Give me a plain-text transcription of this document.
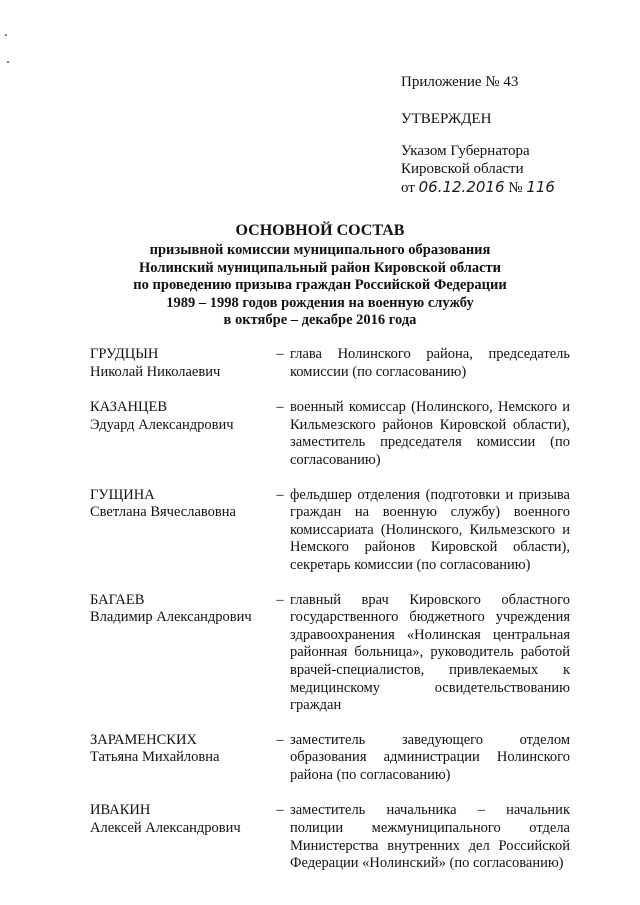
Приложение № 43
УТВЕРЖДЕН
Указом Губернатора
Кировской области
от 06.12.2016 № 116
ОСНОВНОЙ СОСТАВ
призывной комиссии муниципального образования
Нолинский муниципальный район Кировской области
по проведению призыва граждан Российской Федерации
1989 – 1998 годов рождения на военную службу
в октябре – декабре 2016 года
ГРУДЦЫН
Николай Николаевич
– глава Нолинского района, председатель комиссии (по согласованию)
КАЗАНЦЕВ
Эдуард Александрович
– военный комиссар (Нолинского, Немского и Кильмезского районов Кировской области), заместитель председателя комиссии (по согласованию)
ГУЩИНА
Светлана Вячеславовна
– фельдшер отделения (подготовки и призыва граждан на военную службу) военного комиссариата (Нолинского, Кильмезского и Немского районов Кировской области), секретарь комиссии (по согласованию)
БАГАЕВ
Владимир Александрович
– главный врач Кировского областного государственного бюджетного учреждения здравоохранения «Нолинская центральная районная больница», руководитель работой врачей-специалистов, привлекаемых к медицинскому освидетельствованию граждан
ЗАРАМЕНСКИХ
Татьяна Михайловна
– заместитель заведующего отделом образования администрации Нолинского района (по согласованию)
ИВАКИН
Алексей Александрович
– заместитель начальника – начальник полиции межмуниципального отдела Министерства внутренних дел Российской Федерации «Нолинский» (по согласованию)
